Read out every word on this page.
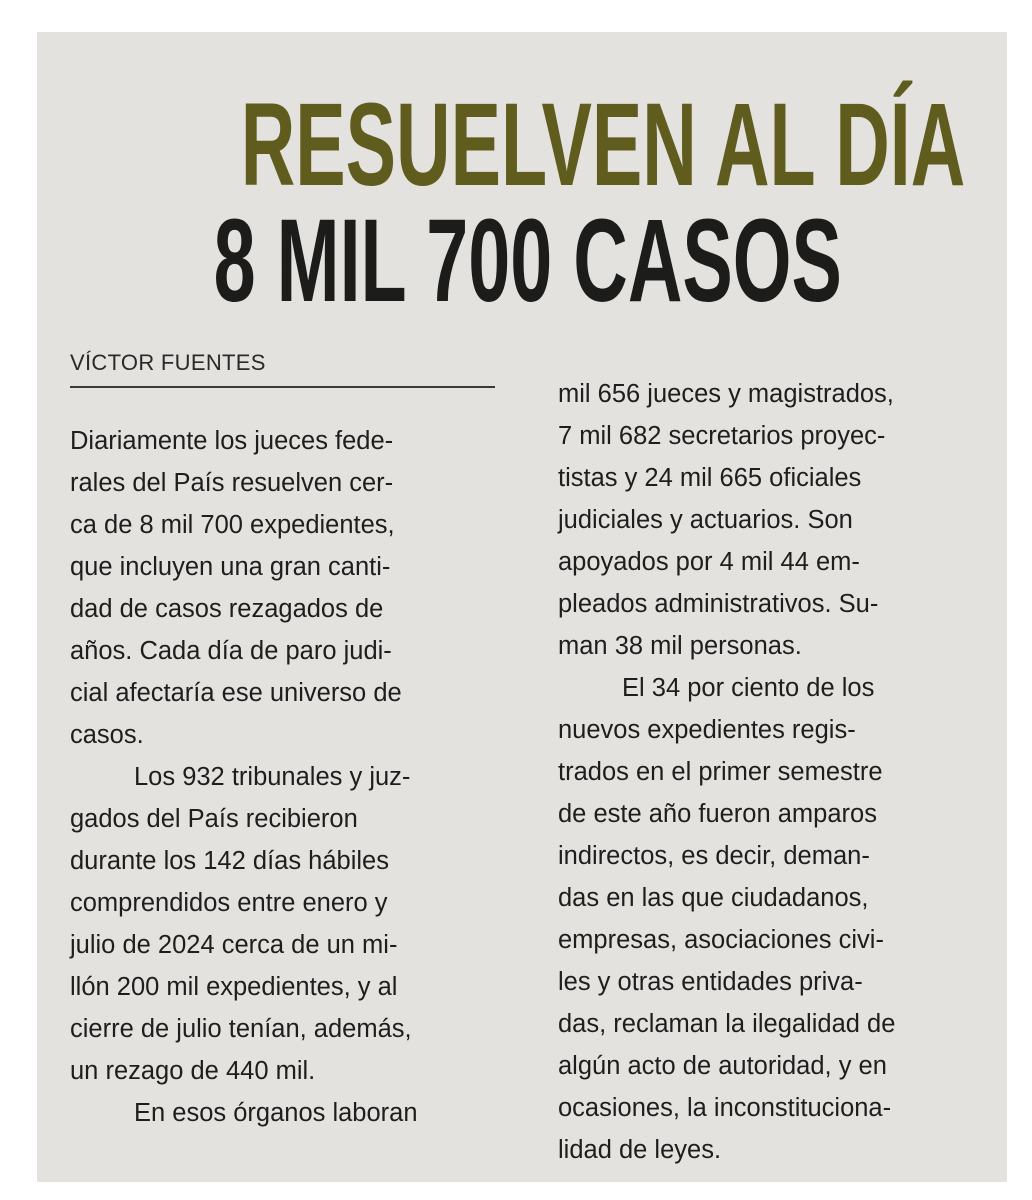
RESUELVEN AL DÍA
8 MIL 700 CASOS
VÍCTOR FUENTES
Diariamente los jueces fede-
rales del País resuelven cer-
ca de 8 mil 700 expedientes,
que incluyen una gran canti-
dad de casos rezagados de
años. Cada día de paro judi-
cial afectaría ese universo de
casos.
Los 932 tribunales y juz-
gados del País recibieron
durante los 142 días hábiles
comprendidos entre enero y
julio de 2024 cerca de un mi-
llón 200 mil expedientes, y al
cierre de julio tenían, además,
un rezago de 440 mil.
En esos órganos laboran
mil 656 jueces y magistrados,
7 mil 682 secretarios proyec-
tistas y 24 mil 665 oficiales
judiciales y actuarios. Son
apoyados por 4 mil 44 em-
pleados administrativos. Su-
man 38 mil personas.
El 34 por ciento de los
nuevos expedientes regis-
trados en el primer semestre
de este año fueron amparos
indirectos, es decir, deman-
das en las que ciudadanos,
empresas, asociaciones civi-
les y otras entidades priva-
das, reclaman la ilegalidad de
algún acto de autoridad, y en
ocasiones, la inconstituciona-
lidad de leyes.
